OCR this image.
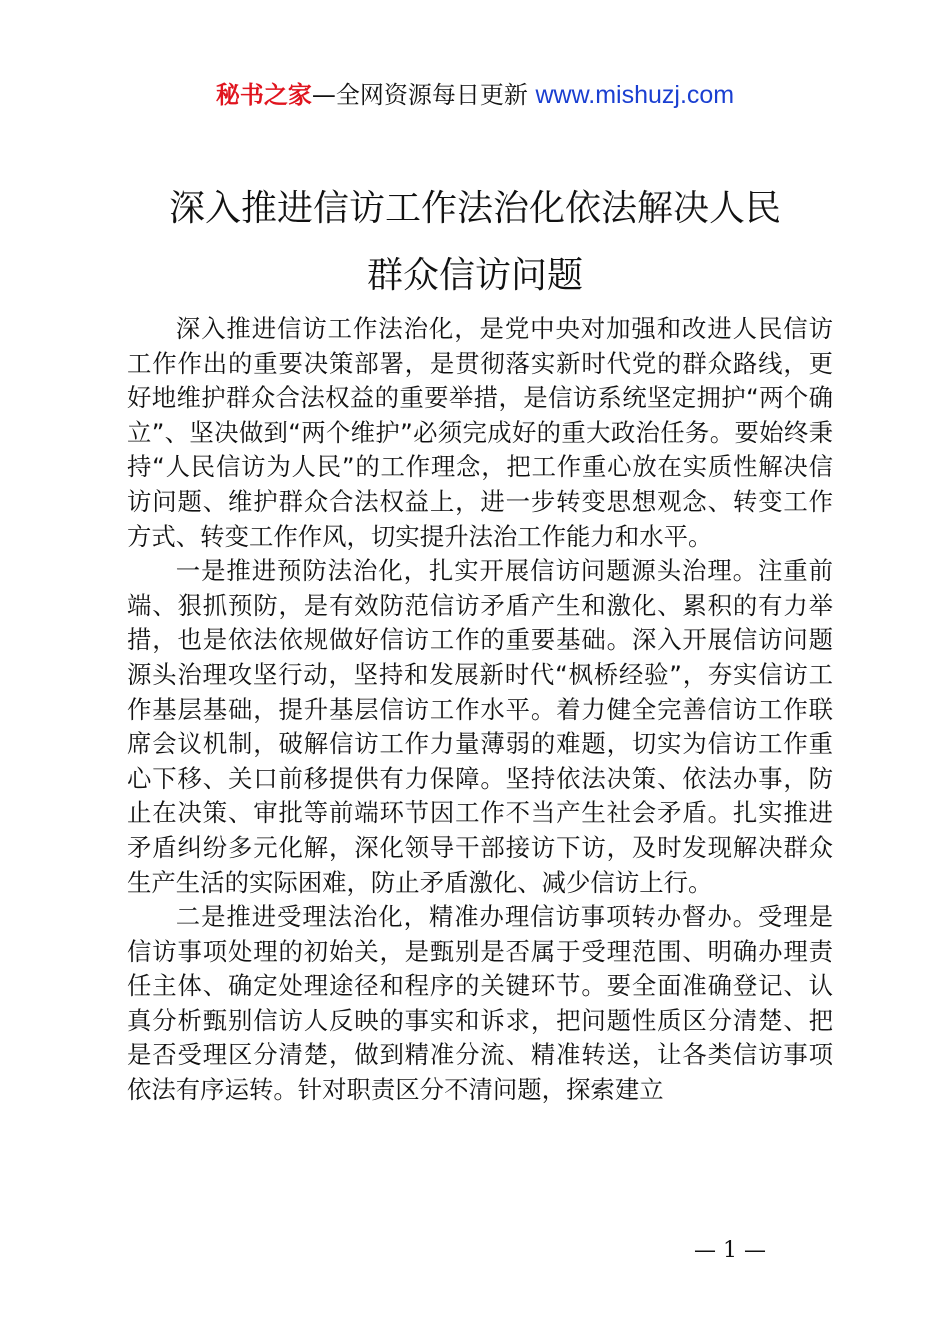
秘书之家—全网资源每日更新 www.mishuzj.com
深入推进信访工作法治化依法解决人民
群众信访问题

深入推进信访工作法治化，是党中央对加强和改进人民信访工作作出的重要决策部署，是贯彻落实新时代党的群众路线，更好地维护群众合法权益的重要举措，是信访系统坚定拥护“两个确立”、坚决做到“两个维护”必须完成好的重大政治任务。要始终秉持“人民信访为人民”的工作理念，把工作重心放在实质性解决信访问题、维护群众合法权益上，进一步转变思想观念、转变工作方式、转变工作作风，切实提升法治工作能力和水平。

一是推进预防法治化，扎实开展信访问题源头治理。注重前端、狠抓预防，是有效防范信访矛盾产生和激化、累积的有力举措，也是依法依规做好信访工作的重要基础。深入开展信访问题源头治理攻坚行动，坚持和发展新时代“枫桥经验”，夯实信访工作基层基础，提升基层信访工作水平。着力健全完善信访工作联席会议机制，破解信访工作力量薄弱的难题，切实为信访工作重心下移、关口前移提供有力保障。坚持依法决策、依法办事，防止在决策、审批等前端环节因工作不当产生社会矛盾。扎实推进矛盾纠纷多元化解，深化领导干部接访下访，及时发现解决群众生产生活的实际困难，防止矛盾激化、减少信访上行。

二是推进受理法治化，精准办理信访事项转办督办。受理是信访事项处理的初始关，是甄别是否属于受理范围、明确办理责任主体、确定处理途径和程序的关键环节。要全面准确登记、认真分析甄别信访人反映的事实和诉求，把问题性质区分清楚、把是否受理区分清楚，做到精准分流、精准转送，让各类信访事项依法有序运转。针对职责区分不清问题，探索建立

— 1 —
